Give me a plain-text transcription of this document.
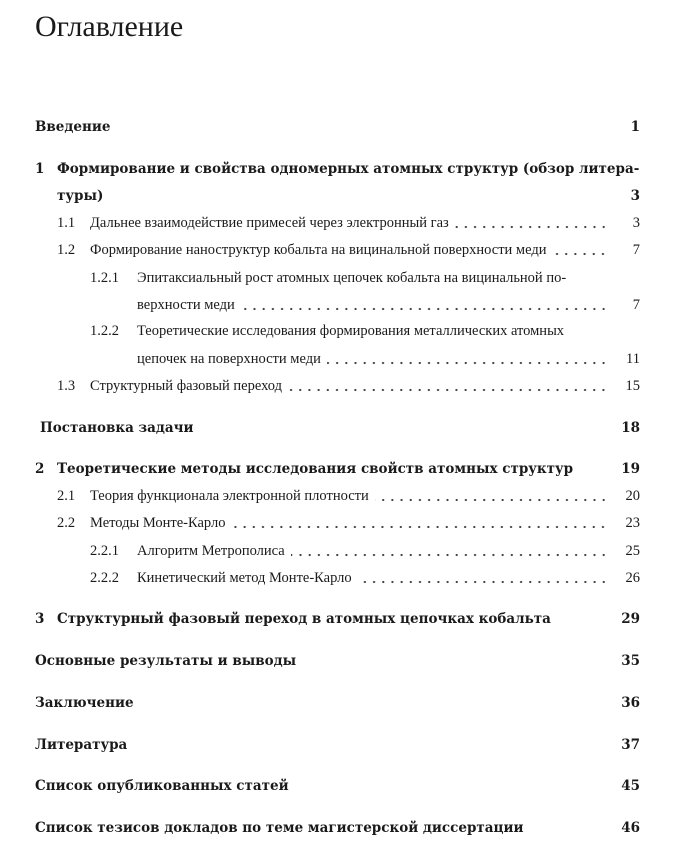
Оглавление
Введение	1
1 Формирование и свойства одномерных атомных структур (обзор литера-
туры)	3
1.1	Дальнее взаимодействие примесей через электронный газ	3
1.2	Формирование наноструктур кобальта на вицинальной поверхности меди	7
1.2.1	Эпитаксиальный рост атомных цепочек кобальта на вицинальной по-
верхности меди	7
1.2.2	Теоретические исследования формирования металлических атомных
цепочек на поверхности меди	11
1.3	Структурный фазовый переход	15
Постановка задачи	18
2 Теоретические методы исследования свойств атомных структур	19
2.1	Теория функционала электронной плотности	20
2.2	Методы Монте-Карло	23
2.2.1	Алгоритм Метрополиса	25
2.2.2	Кинетический метод Монте-Карло	26
3 Структурный фазовый переход в атомных цепочках кобальта	29
Основные результаты и выводы	35
Заключение	36
Литература	37
Список опубликованных статей	45
Список тезисов докладов по теме магистерской диссертации	46
